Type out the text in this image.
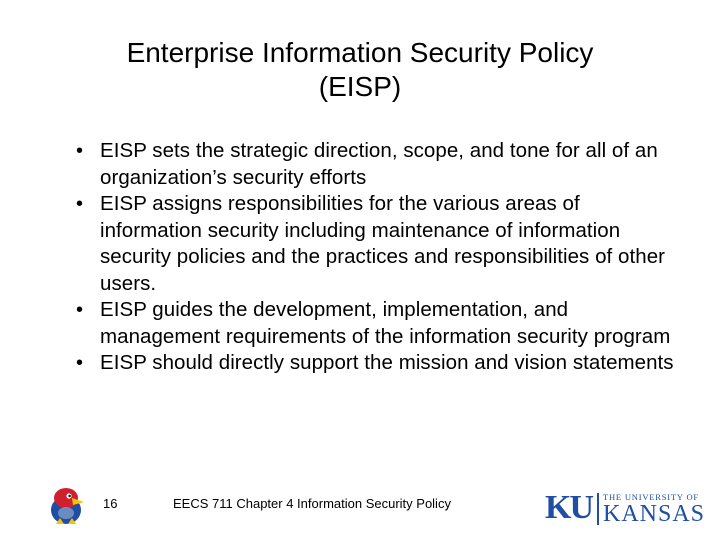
Enterprise Information Security Policy
(EISP)
• EISP sets the strategic direction, scope, and tone for all of an organization’s security efforts
• EISP assigns responsibilities for the various areas of information security including maintenance of information security policies and the practices and responsibilities of other users.
• EISP guides the development, implementation, and management requirements of the information security program
• EISP should directly support the mission and vision statements
16	EECS 711 Chapter 4 Information Security Policy	KU THE UNIVERSITY OF
KANSAS
